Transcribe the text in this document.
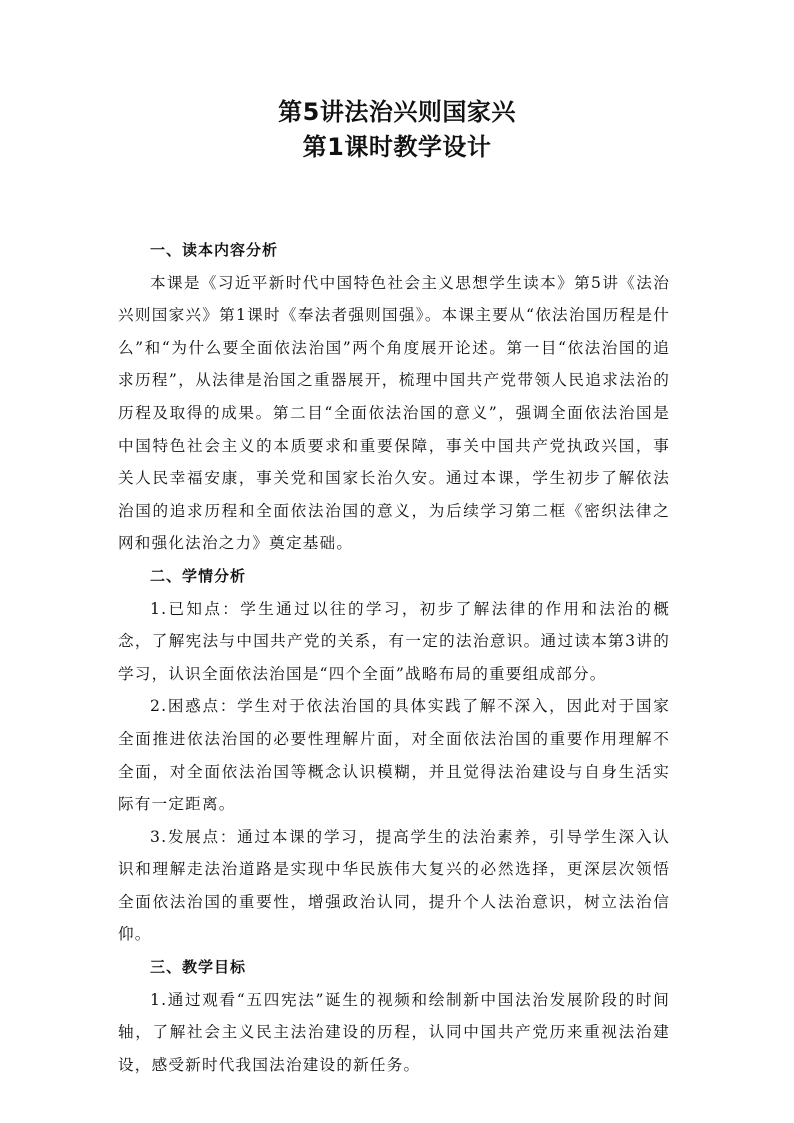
第5讲法治兴则国家兴
第1课时教学设计

一、读本内容分析

本课是《习近平新时代中国特色社会主义思想学生读本》第5讲《法治兴则国家兴》第1课时《奉法者强则国强》。本课主要从“依法治国历程是什么”和“为什么要全面依法治国”两个角度展开论述。第一目“依法治国的追求历程”，从法律是治国之重器展开，梳理中国共产党带领人民追求法治的历程及取得的成果。第二目“全面依法治国的意义”，强调全面依法治国是中国特色社会主义的本质要求和重要保障，事关中国共产党执政兴国，事关人民幸福安康，事关党和国家长治久安。通过本课，学生初步了解依法治国的追求历程和全面依法治国的意义，为后续学习第二框《密织法律之网和强化法治之力》奠定基础。

二、学情分析

1.已知点：学生通过以往的学习，初步了解法律的作用和法治的概念，了解宪法与中国共产党的关系，有一定的法治意识。通过读本第3讲的学习，认识全面依法治国是“四个全面”战略布局的重要组成部分。

2.困惑点：学生对于依法治国的具体实践了解不深入，因此对于国家全面推进依法治国的必要性理解片面，对全面依法治国的重要作用理解不全面，对全面依法治国等概念认识模糊，并且觉得法治建设与自身生活实际有一定距离。

3.发展点：通过本课的学习，提高学生的法治素养，引导学生深入认识和理解走法治道路是实现中华民族伟大复兴的必然选择，更深层次领悟全面依法治国的重要性，增强政治认同，提升个人法治意识，树立法治信仰。

三、教学目标

1.通过观看“五四宪法”诞生的视频和绘制新中国法治发展阶段的时间轴，了解社会主义民主法治建设的历程，认同中国共产党历来重视法治建设，感受新时代我国法治建设的新任务。
